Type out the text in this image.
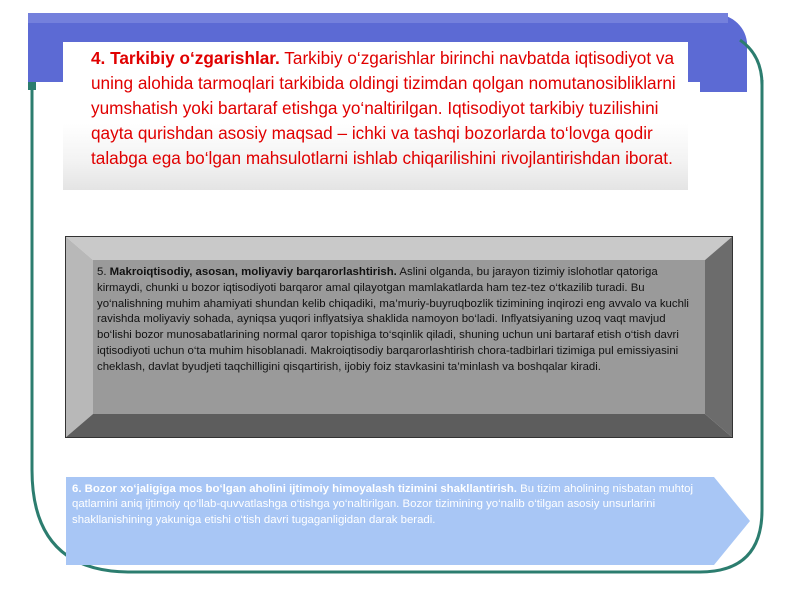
4. Tarkibiy o‘zgarishlar. Tarkibiy o‘zgarishlar birinchi navbatda iqtisodiyot va uning alohida tarmoqlari tarkibida oldingi tizimdan qolgan nomutanosibliklarni yumshatish yoki bartaraf etishga yo‘naltirilgan. Iqtisodiyot tarkibiy tuzilishini qayta qurishdan asosiy maqsad – ichki va tashqi bozorlarda to‘lovga qodir talabga ega bo‘lgan mahsulotlarni ishlab chiqarilishini rivojlantirishdan iborat.
5. Makroiqtisodiy, asosan, moliyaviy barqarorlashtirish. Aslini olganda, bu jarayon tizimiy islohotlar qatoriga kirmaydi, chunki u bozor iqtisodiyoti barqaror amal qilayotgan mamlakatlarda ham tez-tez o‘tkazilib turadi. Bu yo‘nalishning muhim ahamiyati shundan kelib chiqadiki, ma’muriy-buyruqbozlik tizimining inqirozi eng avvalo va kuchli ravishda moliyaviy sohada, ayniqsa yuqori inflyatsiya shaklida namoyon bo‘ladi. Inflyatsiyaning uzoq vaqt mavjud bo‘lishi bozor munosabatlarining normal qaror topishiga to‘sqinlik qiladi, shuning uchun uni bartaraf etish o‘tish davri iqtisodiyoti uchun o‘ta muhim hisoblanadi. Makroiqtisodiy barqarorlashtirish chora-tadbirlari tizimiga pul emissiyasini cheklash, davlat byudjeti taqchilligini qisqartirish, ijobiy foiz stavkasini ta’minlash va boshqalar kiradi.
6. Bozor xo‘jaligiga mos bo‘lgan aholini ijtimoiy himoyalash tizimini shakllantirish. Bu tizim aholining nisbatan muhtoj qatlamini aniq ijtimoiy qo‘llab-quvvatlashga o‘tishga yo‘naltirilgan. Bozor tizimining yo‘nalib o‘tilgan asosiy unsurlarini shakllanishining yakuniga etishi o‘tish davri tugaganligidan darak beradi.
